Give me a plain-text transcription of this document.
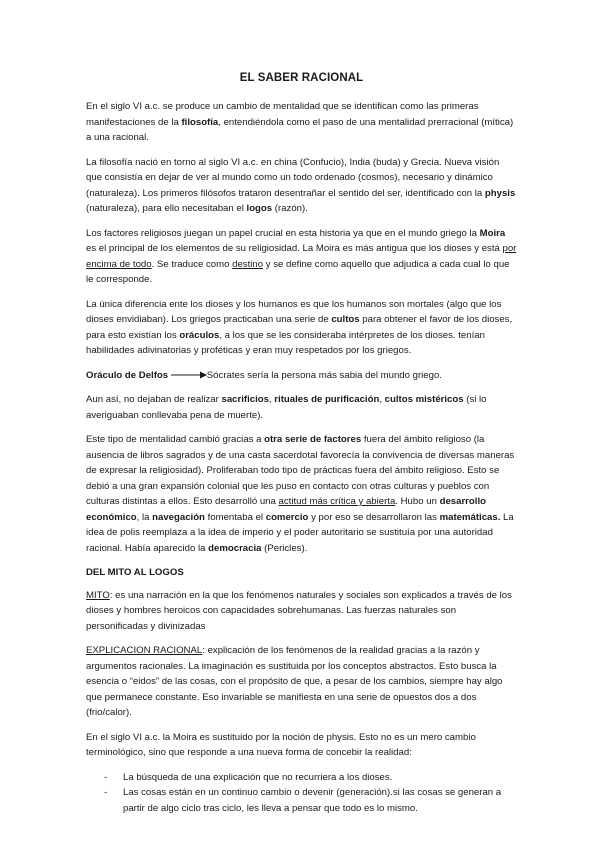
EL SABER RACIONAL

En el siglo VI a.c. se produce un cambio de mentalidad que se identifican como las primeras manifestaciones de la filosofía, entendiéndola como el paso de una mentalidad prerracional (mítica) a una racional.

La filosofía nació en torno al siglo VI a.c. en china (Confucio), India (buda) y Grecia. Nueva visión que consistía en dejar de ver al mundo como un todo ordenado (cosmos), necesario y dinámico (naturaleza). Los primeros filósofos trataron desentrañar el sentido del ser, identificado con la physis (naturaleza), para ello necesitaban el logos (razón).

Los factores religiosos juegan un papel crucial en esta historia ya que en el mundo griego la Moira es el principal de los elementos de su religiosidad. La Moira es más antigua que los dioses y está por encima de todo. Se traduce como destino y se define como aquello que adjudica a cada cual lo que le corresponde.

La única diferencia ente los dioses y los humanos es que los humanos son mortales (algo que los dioses envidiaban). Los griegos practicaban una serie de cultos para obtener el favor de los dioses, para esto existían los oráculos, a los que se les consideraba intérpretes de los dioses. tenían habilidades adivinatorias y proféticas y eran muy respetados por los griegos.

Oráculo de Delfos	Sócrates sería la persona más sabia del mundo griego.

Aun así, no dejaban de realizar sacrificios, rituales de purificación, cultos mistéricos (si lo averiguaban conllevaba pena de muerte).

Este tipo de mentalidad cambió gracias a otra serie de factores fuera del ámbito religioso (la ausencia de libros sagrados y de una casta sacerdotal favorecía la convivencia de diversas maneras de expresar la religiosidad). Proliferaban todo tipo de prácticas fuera del ámbito religioso. Esto se debió a una gran expansión colonial que les puso en contacto con otras culturas y pueblos con culturas distintas a ellos. Esto desarrolló una actitud más crítica y abierta. Hubo un desarrollo económico, la navegación fomentaba el comercio y por eso se desarrollaron las matemáticas. La idea de polis reemplaza a la idea de imperio y el poder autoritario se sustituía por una autoridad racional. Había aparecido la democracia (Pericles).

DEL MITO AL LOGOS

MITO: es una narración en la que los fenómenos naturales y sociales son explicados a través de los dioses y hombres heroicos con capacidades sobrehumanas. Las fuerzas naturales son personificadas y divinizadas

EXPLICACION RACIONAL: explicación de los fenómenos de la realidad gracias a la razón y argumentos racionales. La imaginación es sustituida por los conceptos abstractos. Esto busca la esencia o “eidos” de las cosas, con el propósito de que, a pesar de los cambios, siempre hay algo que permanece constante. Eso invariable se manifiesta en una serie de opuestos dos a dos (frio/calor).

En el siglo VI a.c. la Moira es sustituido por la noción de physis. Esto no es un mero cambio terminológico, sino que responde a una nueva forma de concebir la realidad:

- La búsqueda de una explicación que no recurriera a los dioses.
- Las cosas están en un continuo cambio o devenir (generación).si las cosas se generan a partir de algo ciclo tras ciclo, les lleva a pensar que todo es lo mismo.
